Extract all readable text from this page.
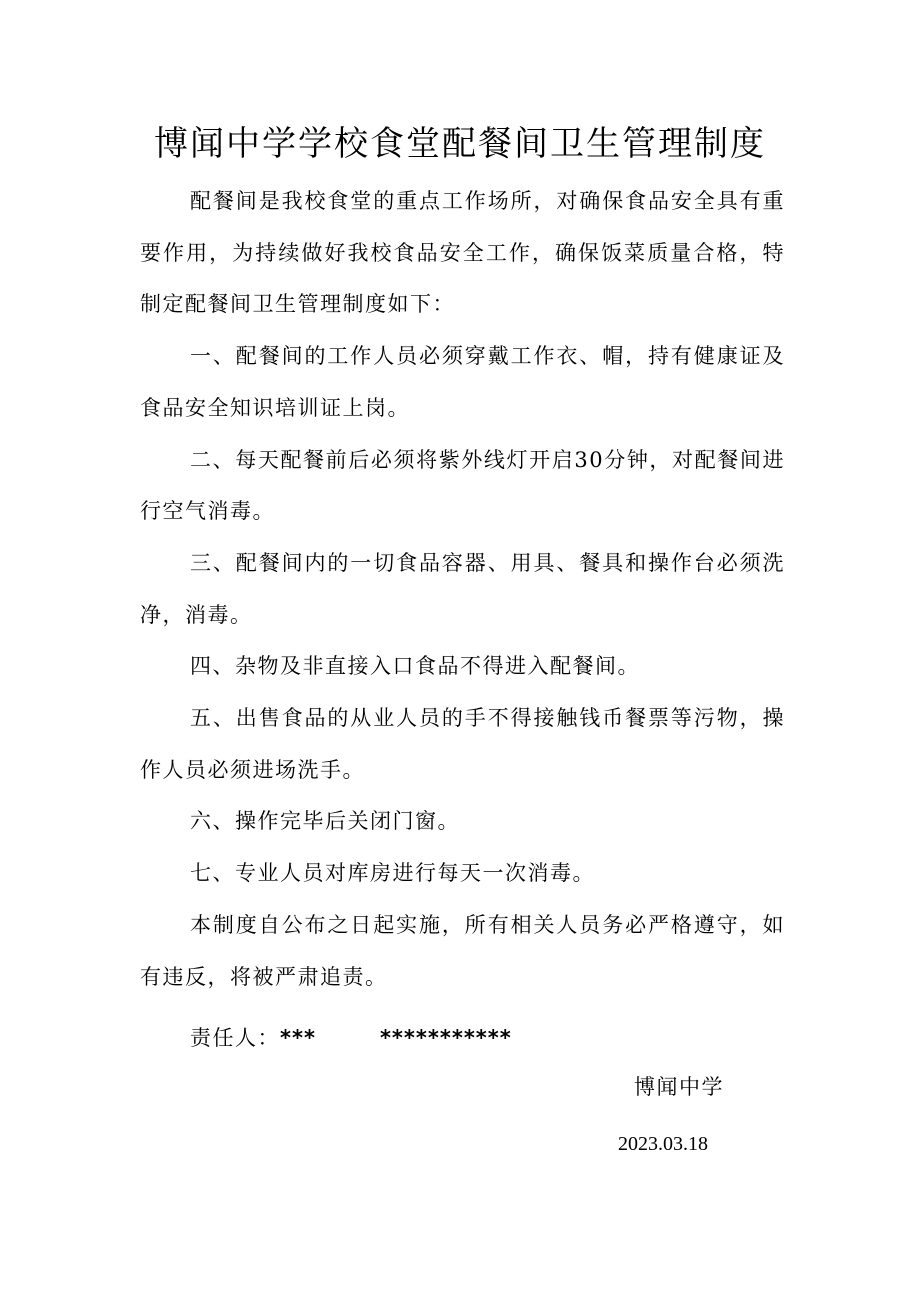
博闻中学学校食堂配餐间卫生管理制度

配餐间是我校食堂的重点工作场所，对确保食品安全具有重要作用，为持续做好我校食品安全工作，确保饭菜质量合格，特制定配餐间卫生管理制度如下：

一、配餐间的工作人员必须穿戴工作衣、帽，持有健康证及食品安全知识培训证上岗。

二、每天配餐前后必须将紫外线灯开启30分钟，对配餐间进行空气消毒。

三、配餐间内的一切食品容器、用具、餐具和操作台必须洗净，消毒。

四、杂物及非直接入口食品不得进入配餐间。

五、出售食品的从业人员的手不得接触钱币餐票等污物，操作人员必须进场洗手。

六、操作完毕后关闭门窗。

七、专业人员对库房进行每天一次消毒。

本制度自公布之日起实施，所有相关人员务必严格遵守，如有违反，将被严肃追责。

责任人：***	***********
博闻中学
2023.03.18
